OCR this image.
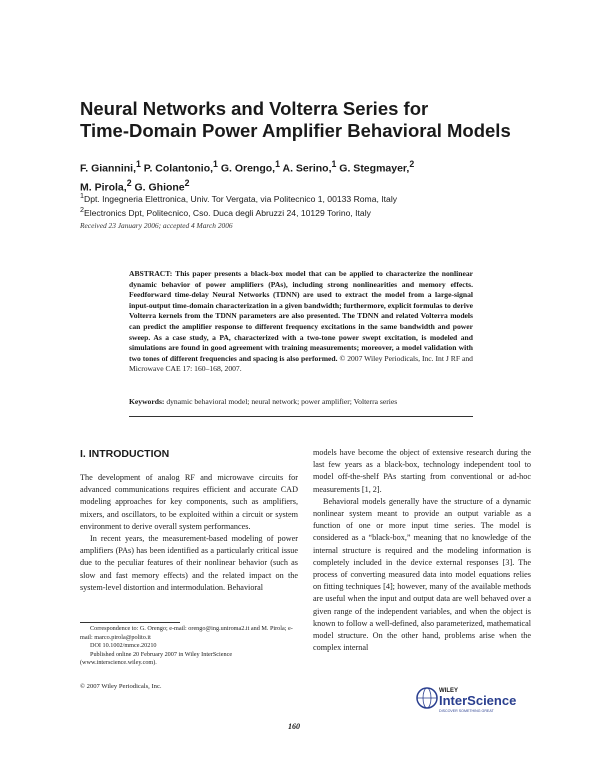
Neural Networks and Volterra Series for
Time-Domain Power Amplifier Behavioral Models
F. Giannini,$^1$ P. Colantonio,$^1$ G. Orengo,$^1$ A. Serino,$^1$ G. Stegmayer,$^2$
M. Pirola,$^2$ G. Ghione$^2$
$^1$Dpt. Ingegneria Elettronica, Univ. Tor Vergata, via Politecnico 1, 00133 Roma, Italy
$^2$Electronics Dpt, Politecnico, Cso. Duca degli Abruzzi 24, 10129 Torino, Italy
Received 23 January 2006; accepted 4 March 2006
ABSTRACT: This paper presents a black-box model that can be applied to characterize the nonlinear dynamic behavior of power amplifiers (PAs), including strong nonlinearities and memory effects. Feedforward time-delay Neural Networks (TDNN) are used to extract the model from a large-signal input-output time-domain characterization in a given bandwidth; furthermore, explicit formulas to derive Volterra kernels from the TDNN parameters are also presented. The TDNN and related Volterra models can predict the amplifier response to different frequency excitations in the same bandwidth and power sweep. As a case study, a PA, characterized with a two-tone power swept excitation, is modeled and simulations are found in good agreement with training measurements; moreover, a model validation with two tones of different frequencies and spacing is also performed. © 2007 Wiley Periodicals, Inc. Int J RF and Microwave CAE 17: 160–168, 2007.
Keywords: dynamic behavioral model; neural network; power amplifier; Volterra series
I. INTRODUCTION

The development of analog RF and microwave circuits for advanced communications requires efficient and accurate CAD modeling approaches for key components, such as amplifiers, mixers, and oscillators, to be exploited within a circuit or system environment to derive overall system performances.

In recent years, the measurement-based modeling of power amplifiers (PAs) has been identified as a particularly critical issue due to the peculiar features of their nonlinear behavior (such as slow and fast memory effects) and the related impact on the system-level distortion and intermodulation. Behavioral

models have become the object of extensive research during the last few years as a black-box, technology independent tool to model off-the-shelf PAs starting from conventional or ad-hoc measurements [1, 2].

Behavioral models generally have the structure of a dynamic nonlinear system meant to provide an output variable as a function of one or more input time series. The model is considered as a “black-box,” meaning that no knowledge of the internal structure is required and the modeling information is completely included in the device external responses [3]. The process of converting measured data into model equations relies on fitting techniques [4]; however, many of the available methods are useful when the input and output data are well behaved over a given range of the independent variables, and when the object is known to follow a well-defined, also parameterized, mathematical model structure. On the other hand, problems arise when the complex internal

Correspondence to: G. Orengo; e-mail: orengo@ing.uniroma2.it and M. Pirola; e-mail: marco.pirola@polito.it

DOI 10.1002/mmce.20210

Published online 20 February 2007 in Wiley InterScience (www.interscience.wiley.com).

© 2007 Wiley Periodicals, Inc.
160
WILEY
InterScience
DISCOVER SOMETHING GREAT
